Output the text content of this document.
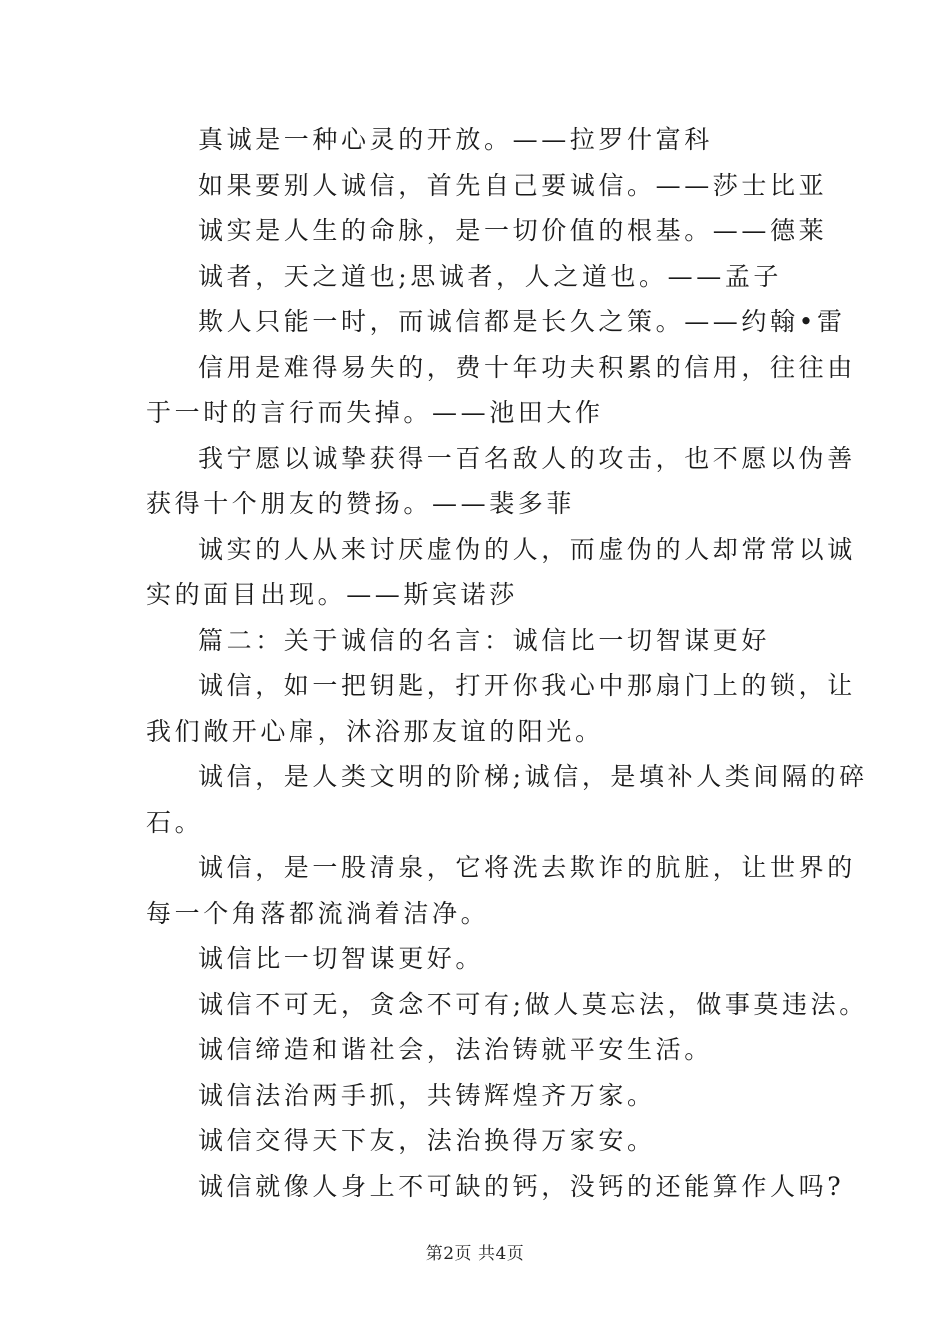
真诚是一种心灵的开放。——拉罗什富科
如果要别人诚信，首先自己要诚信。——莎士比亚
诚实是人生的命脉，是一切价值的根基。——德莱
诚者，天之道也;思诚者，人之道也。——孟子
欺人只能一时，而诚信都是长久之策。——约翰•雷
信用是难得易失的，费十年功夫积累的信用，往往由
于一时的言行而失掉。——池田大作
我宁愿以诚挚获得一百名敌人的攻击，也不愿以伪善
获得十个朋友的赞扬。——裴多菲
诚实的人从来讨厌虚伪的人，而虚伪的人却常常以诚
实的面目出现。——斯宾诺莎
篇二：关于诚信的名言：诚信比一切智谋更好
诚信，如一把钥匙，打开你我心中那扇门上的锁，让
我们敞开心扉，沐浴那友谊的阳光。
诚信，是人类文明的阶梯;诚信，是填补人类间隔的碎
石。
诚信，是一股清泉，它将洗去欺诈的肮脏，让世界的
每一个角落都流淌着洁净。
诚信比一切智谋更好。
诚信不可无，贪念不可有;做人莫忘法，做事莫违法。
诚信缔造和谐社会，法治铸就平安生活。
诚信法治两手抓，共铸辉煌齐万家。
诚信交得天下友，法治换得万家安。
诚信就像人身上不可缺的钙，没钙的还能算作人吗?
第2页 共4页
